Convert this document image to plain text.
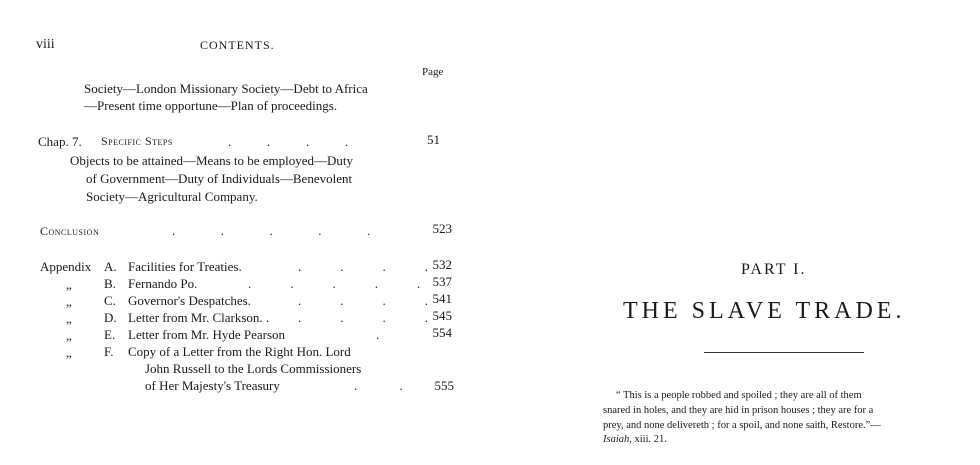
viii	CONTENTS.
Page
Society—London Missionary Society—Debt to Africa
—Present time opportune—Plan of proceedings.
Chap. 7. Specific Steps	.           .           .           .	51
Objects to be attained—Means to be employed—Duty
of Government—Duty of Individuals—Benevolent
Society—Agricultural Company.
Conclusion	.              .              .              .              .	523
Appendix A. Facilities for Treaties.	.            .            .            . 532
„ B. Fernando Po.	.            .            .            .            . 537
„ C. Governor's Despatches.	.            .            .            . 541
„ D. Letter from Mr. Clarkson. . .            .            .            . 545
„ E. Letter from Mr. Hyde Pearson	.	554
„ F. Copy of a Letter from the Right Hon. Lord
John Russell to the Lords Commissioners
of Her Majesty's Treasury	.             .	555
PART I.
THE SLAVE TRADE.
“ This is a people robbed and spoiled ; they are all of them
snared in holes, and they are hid in prison houses ; they are for a
prey, and none delivereth ; for a spoil, and none saith, Restore.”—
Isaiah, xiii. 21.
